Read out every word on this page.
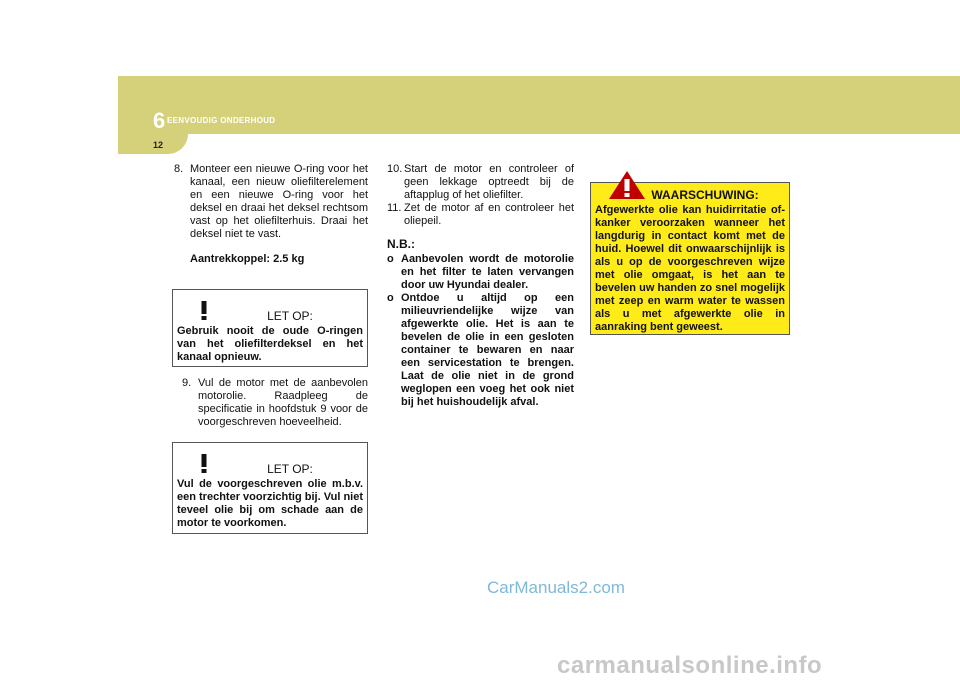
6 EENVOUDIG ONDERHOUD
12
8. Monteer een nieuwe O-ring voor het kanaal, een nieuw oliefilterelement en een nieuwe O-ring voor het deksel en draai het deksel rechtsom vast op het oliefilterhuis. Draai het deksel niet te vast.

Aantrekkoppel: 2.5 kg

LET OP:
Gebruik nooit de oude O-ringen van het oliefilterdeksel en het kanaal opnieuw.
9. Vul de motor met de aanbevolen motorolie. Raadpleeg de specificatie in hoofdstuk 9 voor de voorgeschreven hoeveelheid.

LET OP:
Vul de voorgeschreven olie m.b.v. een trechter voorzichtig bij. Vul niet teveel olie bij om schade aan de motor te voorkomen.
10. Start de motor en controleer of geen lekkage optreedt bij de aftapplug of het oliefilter.

11. Zet de motor af en controleer het oliepeil.

N.B.:
o Aanbevolen wordt de motorolie en het filter te laten vervangen door uw Hyundai dealer.
o Ontdoe u altijd op een milieuvriendelijke wijze van afgewerkte olie. Het is aan te bevelen de olie in een gesloten container te bewaren en naar een servicestation te brengen. Laat de olie niet in de grond weglopen een voeg het ook niet bij het huishoudelijk afval.
WAARSCHUWING:
Afgewerkte olie kan huidirritatie of-kanker veroorzaken wanneer het langdurig in contact komt met de huid. Hoewel dit onwaarschijnlijk is als u op de voorgeschreven wijze met olie omgaat, is het aan te bevelen uw handen zo snel mogelijk met zeep en warm water te wassen als u met afgewerkte olie in aanraking bent geweest.
CarManuals2.com
carmanualsonline.info
